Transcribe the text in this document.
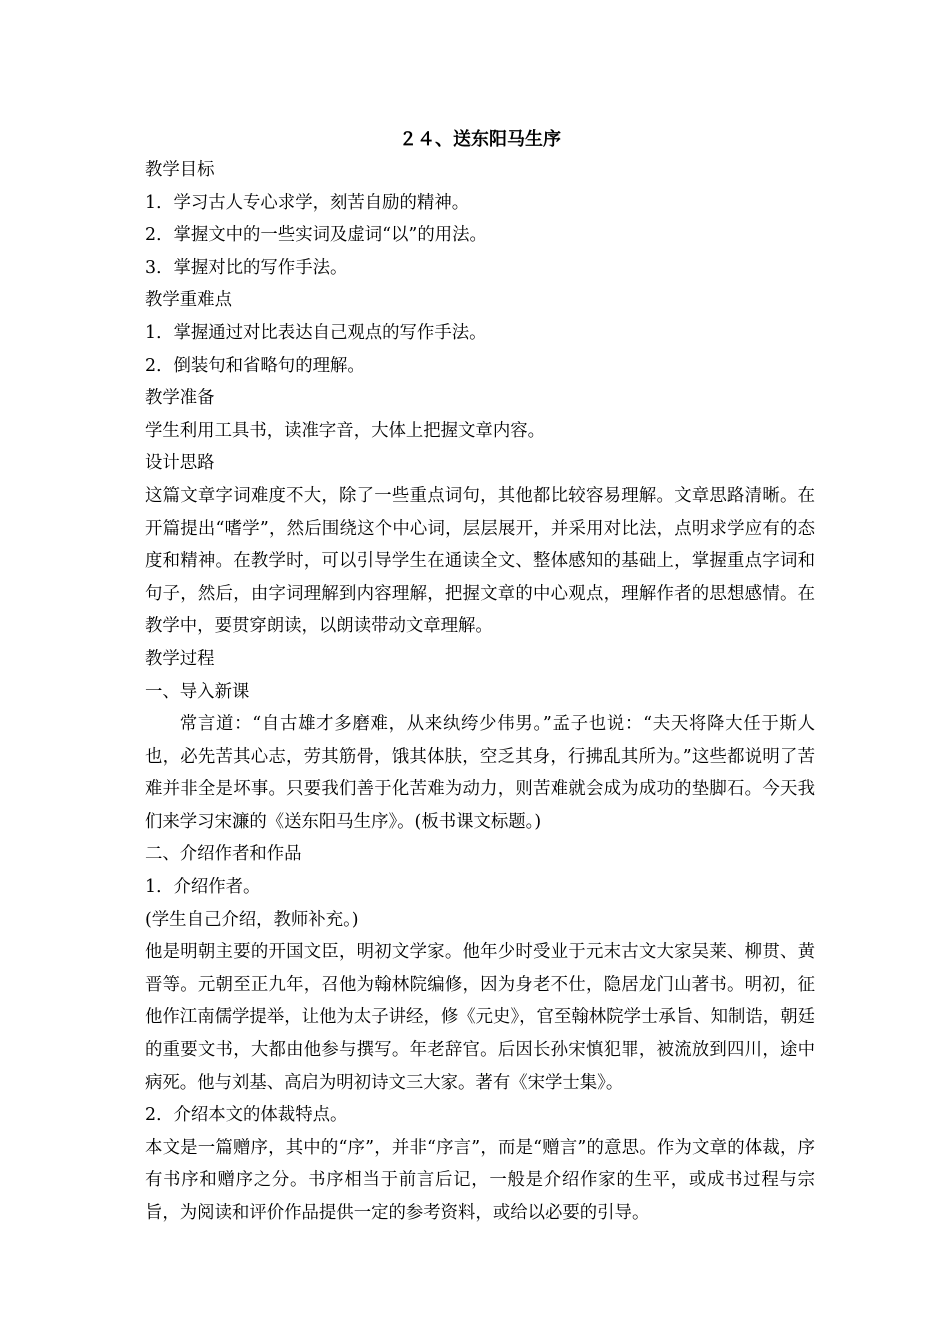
２４、送东阳马生序
教学目标
1．学习古人专心求学，刻苦自励的精神。
2．掌握文中的一些实词及虚词“以”的用法。
3．掌握对比的写作手法。
教学重难点
1．掌握通过对比表达自己观点的写作手法。
2．倒装句和省略句的理解。
教学准备
学生利用工具书，读准字音，大体上把握文章内容。
设计思路
这篇文章字词难度不大，除了一些重点词句，其他都比较容易理解。文章思路清晰。在开篇提出“嗜学”，然后围绕这个中心词，层层展开，并采用对比法，点明求学应有的态度和精神。在教学时，可以引导学生在通读全文、整体感知的基础上，掌握重点字词和句子，然后，由字词理解到内容理解，把握文章的中心观点，理解作者的思想感情。在教学中，要贯穿朗读，以朗读带动文章理解。
教学过程
一、导入新课
常言道：“自古雄才多磨难，从来纨绔少伟男。”孟子也说：“夫天将降大任于斯人也，必先苦其心志，劳其筋骨，饿其体肤，空乏其身，行拂乱其所为。”这些都说明了苦难并非全是坏事。只要我们善于化苦难为动力，则苦难就会成为成功的垫脚石。今天我们来学习宋濂的《送东阳马生序》。(板书课文标题。)
二、介绍作者和作品
1．介绍作者。
(学生自己介绍，教师补充。)
他是明朝主要的开国文臣，明初文学家。他年少时受业于元末古文大家吴莱、柳贯、黄晋等。元朝至正九年，召他为翰林院编修，因为身老不仕，隐居龙门山著书。明初，征他作江南儒学提举，让他为太子讲经，修《元史》，官至翰林院学士承旨、知制诰，朝廷的重要文书，大都由他参与撰写。年老辞官。后因长孙宋慎犯罪，被流放到四川，途中病死。他与刘基、高启为明初诗文三大家。著有《宋学士集》。
2．介绍本文的体裁特点。
本文是一篇赠序，其中的“序”，并非“序言”，而是“赠言”的意思。作为文章的体裁，序有书序和赠序之分。书序相当于前言后记，一般是介绍作家的生平，或成书过程与宗旨，为阅读和评价作品提供一定的参考资料，或给以必要的引导。
